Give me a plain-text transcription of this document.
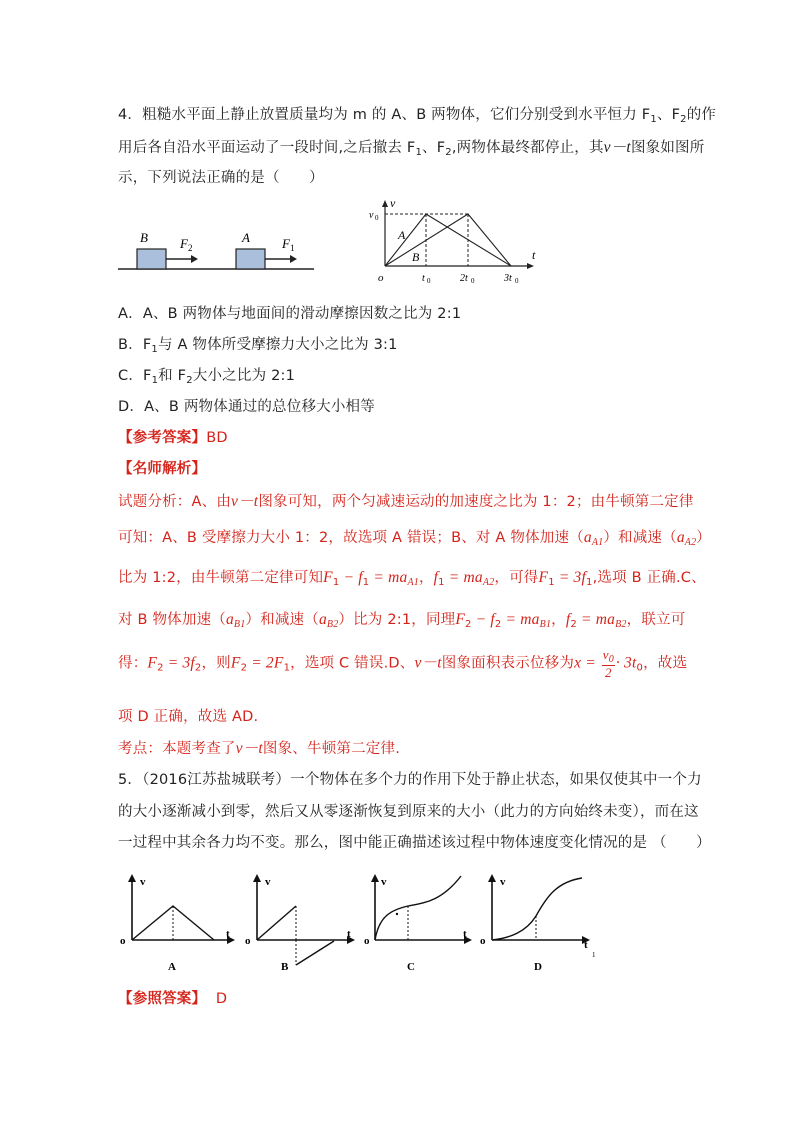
4．粗糙水平面上静止放置质量均为 m 的 A、B 两物体，它们分别受到水平恒力 $F_1$、$F_2$的作
用后各自沿水平面运动了一段时间,之后撤去 $F_1$、$F_2$,两物体最终都停止，其v－t图象如图所
示，下列说法正确的是（　　）
B	A
F 2	F 1
v
v 0
A
B
o
t
t 0	2t 0	3t 0
A．A、B 两物体与地面间的滑动摩擦因数之比为 2:1
B．$F_1$与 A 物体所受摩擦力大小之比为 3:1
C．$F_1$和 $F_2$大小之比为 2:1
D．A、B 两物体通过的总位移大小相等
【参考答案】BD
【名师解析】
试题分析：A、由v－t图象可知，两个匀减速运动的加速度之比为 1：2；由牛顿第二定律
可知：A、B 受摩擦力大小 1：2，故选项 A 错误；B、对 A 物体加速$(a_{A1})$和减速$(a_{A2})$
比为 1:2，由牛顿第二定律可知$F_1 - f_1 = ma_{A1}$，$f_1 = ma_{A2}$，可得$F_1 = 3f_1$,选项 B 正确.C、
对 B 物体加速$(a_{B1})$和减速$(a_{B2})$比为 2:1，同理$F_2 - f_2 = ma_{B1}$，$f_2 = ma_{B2}$，联立可
得：$F_2 = 3f_2$，则$F_2 = 2F_1$，选项 C 错误.D、v－t图象面积表示位移为$x = \frac{v_0}{2} \cdot 3t_0$，故选
项 D 正确，故选 AD.
考点：本题考查了v－t图象、牛顿第二定律.
5．（2016江苏盐城联考）一个物体在多个力的作用下处于静止状态，如果仅使其中一个力
的大小逐渐减小到零，然后又从零逐渐恢复到原来的大小（此力的方向始终未变），而在这
一过程中其余各力均不变。那么，图中能正确描述该过程中物体速度变化情况的是 （　　）
v
o
t
A
v
o
t
B
v
o
t
C
v
o	t
1
D
【参照答案】 D
